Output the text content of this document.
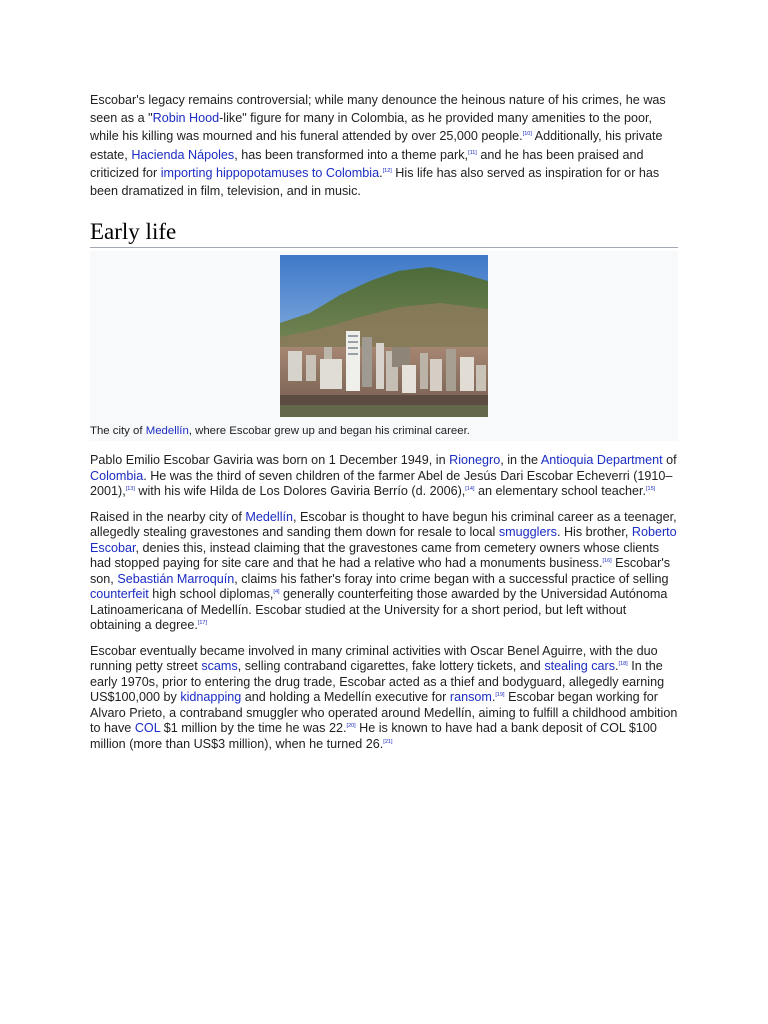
Escobar's legacy remains controversial; while many denounce the heinous nature of his crimes, he was seen as a "Robin Hood-like" figure for many in Colombia, as he provided many amenities to the poor, while his killing was mourned and his funeral attended by over 25,000 people.[10] Additionally, his private estate, Hacienda Nápoles, has been transformed into a theme park,[11] and he has been praised and criticized for importing hippopotamuses to Colombia.[12] His life has also served as inspiration for or has been dramatized in film, television, and in music.

Early life
The city of Medellín, where Escobar grew up and began his criminal career.

Pablo Emilio Escobar Gaviria was born on 1 December 1949, in Rionegro, in the Antioquia Department of Colombia. He was the third of seven children of the farmer Abel de Jesús Dari Escobar Echeverri (1910–2001),[13] with his wife Hilda de Los Dolores Gaviria Berrío (d. 2006),[14] an elementary school teacher.[15]

Raised in the nearby city of Medellín, Escobar is thought to have begun his criminal career as a teenager, allegedly stealing gravestones and sanding them down for resale to local smugglers. His brother, Roberto Escobar, denies this, instead claiming that the gravestones came from cemetery owners whose clients had stopped paying for site care and that he had a relative who had a monuments business.[16] Escobar's son, Sebastián Marroquín, claims his father's foray into crime began with a successful practice of selling counterfeit high school diplomas,[4] generally counterfeiting those awarded by the Universidad Autónoma Latinoamericana of Medellín. Escobar studied at the University for a short period, but left without obtaining a degree.[17]

Escobar eventually became involved in many criminal activities with Oscar Benel Aguirre, with the duo running petty street scams, selling contraband cigarettes, fake lottery tickets, and stealing cars.[18] In the early 1970s, prior to entering the drug trade, Escobar acted as a thief and bodyguard, allegedly earning US$100,000 by kidnapping and holding a Medellín executive for ransom.[19] Escobar began working for Alvaro Prieto, a contraband smuggler who operated around Medellín, aiming to fulfill a childhood ambition to have COL $1 million by the time he was 22.[20] He is known to have had a bank deposit of COL $100 million (more than US$3 million), when he turned 26.[21]
